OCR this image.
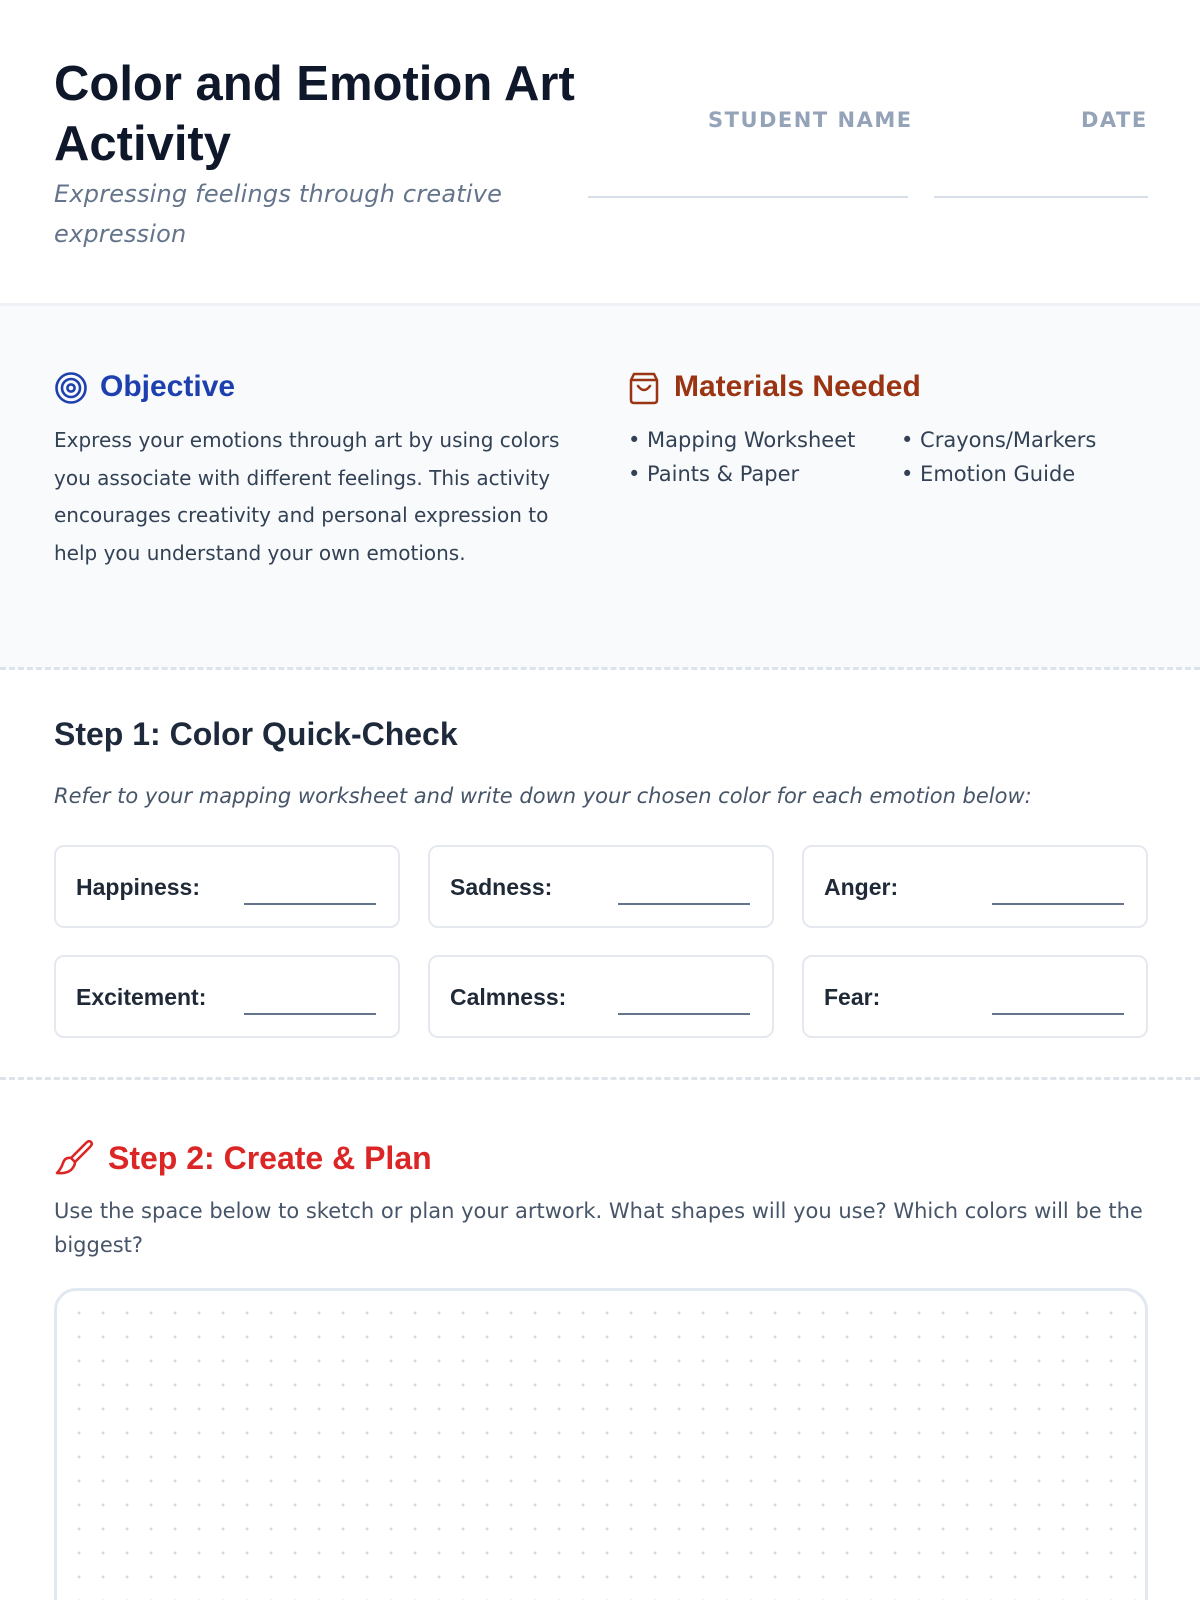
Color and Emotion Art Activity
Expressing feelings through creative expression
STUDENT NAME	DATE
Objective
Express your emotions through art by using colors you associate with different feelings. This activity encourages creativity and personal expression to help you understand your own emotions.
Materials Needed
• Mapping Worksheet
• Paints & Paper
• Crayons/Markers
• Emotion Guide
Step 1: Color Quick-Check
Refer to your mapping worksheet and write down your chosen color for each emotion below:
Happiness:	Sadness:	Anger:
Excitement:	Calmness:	Fear:
Step 2: Create & Plan
Use the space below to sketch or plan your artwork. What shapes will you use? Which colors will be the biggest?
